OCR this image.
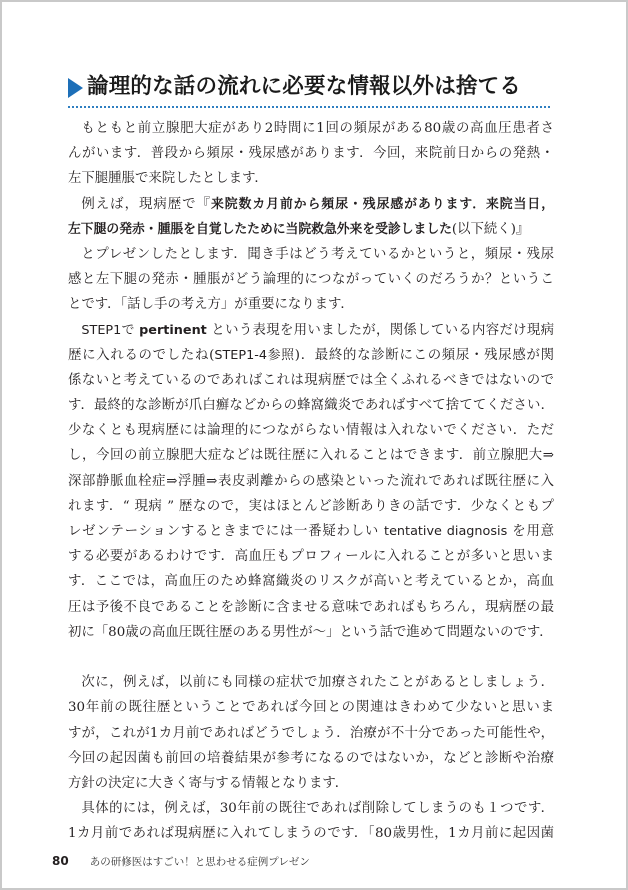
論理的な話の流れに必要な情報以外は捨てる
もともと前立腺肥大症があり2時間に1回の頻尿がある80歳の高血圧患者さ
んがいます．普段から頻尿・残尿感があります．今回，来院前日からの発熱・
左下腿腫脹で来院したとします．
例えば，現病歴で『来院数カ月前から頻尿・残尿感があります．来院当日，
左下腿の発赤・腫脹を自覚したために当院救急外来を受診しました(以下続く)』
とプレゼンしたとします．聞き手はどう考えているかというと，頻尿・残尿
感と左下腿の発赤・腫脹がどう論理的につながっていくのだろうか？というこ
とです．「話し手の考え方」が重要になります．
STEP1で pertinent という表現を用いましたが，関係している内容だけ現病
歴に入れるのでしたね(STEP1-4参照)．最終的な診断にこの頻尿・残尿感が関
係ないと考えているのであればこれは現病歴では全くふれるべきではないので
す．最終的な診断が爪白癬などからの蜂窩織炎であればすべて捨ててください．
少なくとも現病歴には論理的につながらない情報は入れないでください．ただ
し，今回の前立腺肥大症などは既往歴に入れることはできます．前立腺肥大⇒
深部静脈血栓症⇒浮腫⇒表皮剥離からの感染といった流れであれば既往歴に入
れます．“ 現病 ” 歴なので，実はほとんど診断ありきの話です．少なくともプ
レゼンテーションするときまでには一番疑わしい tentative diagnosis を用意
する必要があるわけです．高血圧もプロフィールに入れることが多いと思いま
す．ここでは，高血圧のため蜂窩織炎のリスクが高いと考えているとか，高血
圧は予後不良であることを診断に含ませる意味であればもちろん，現病歴の最
初に「80歳の高血圧既往歴のある男性が〜」という話で進めて問題ないのです．
次に，例えば，以前にも同様の症状で加療されたことがあるとしましょう．
30年前の既往歴ということであれば今回との関連はきわめて少ないと思いま
すが，これが1カ月前であればどうでしょう．治療が不十分であった可能性や，
今回の起因菌も前回の培養結果が参考になるのではないか，などと診断や治療
方針の決定に大きく寄与する情報となります．
具体的には，例えば，30年前の既往であれば削除してしまうのも１つです．
1カ月前であれば現病歴に入れてしまうのです．「80歳男性，1カ月前に起因菌
80 あの研修医はすごい！と思わせる症例プレゼン
